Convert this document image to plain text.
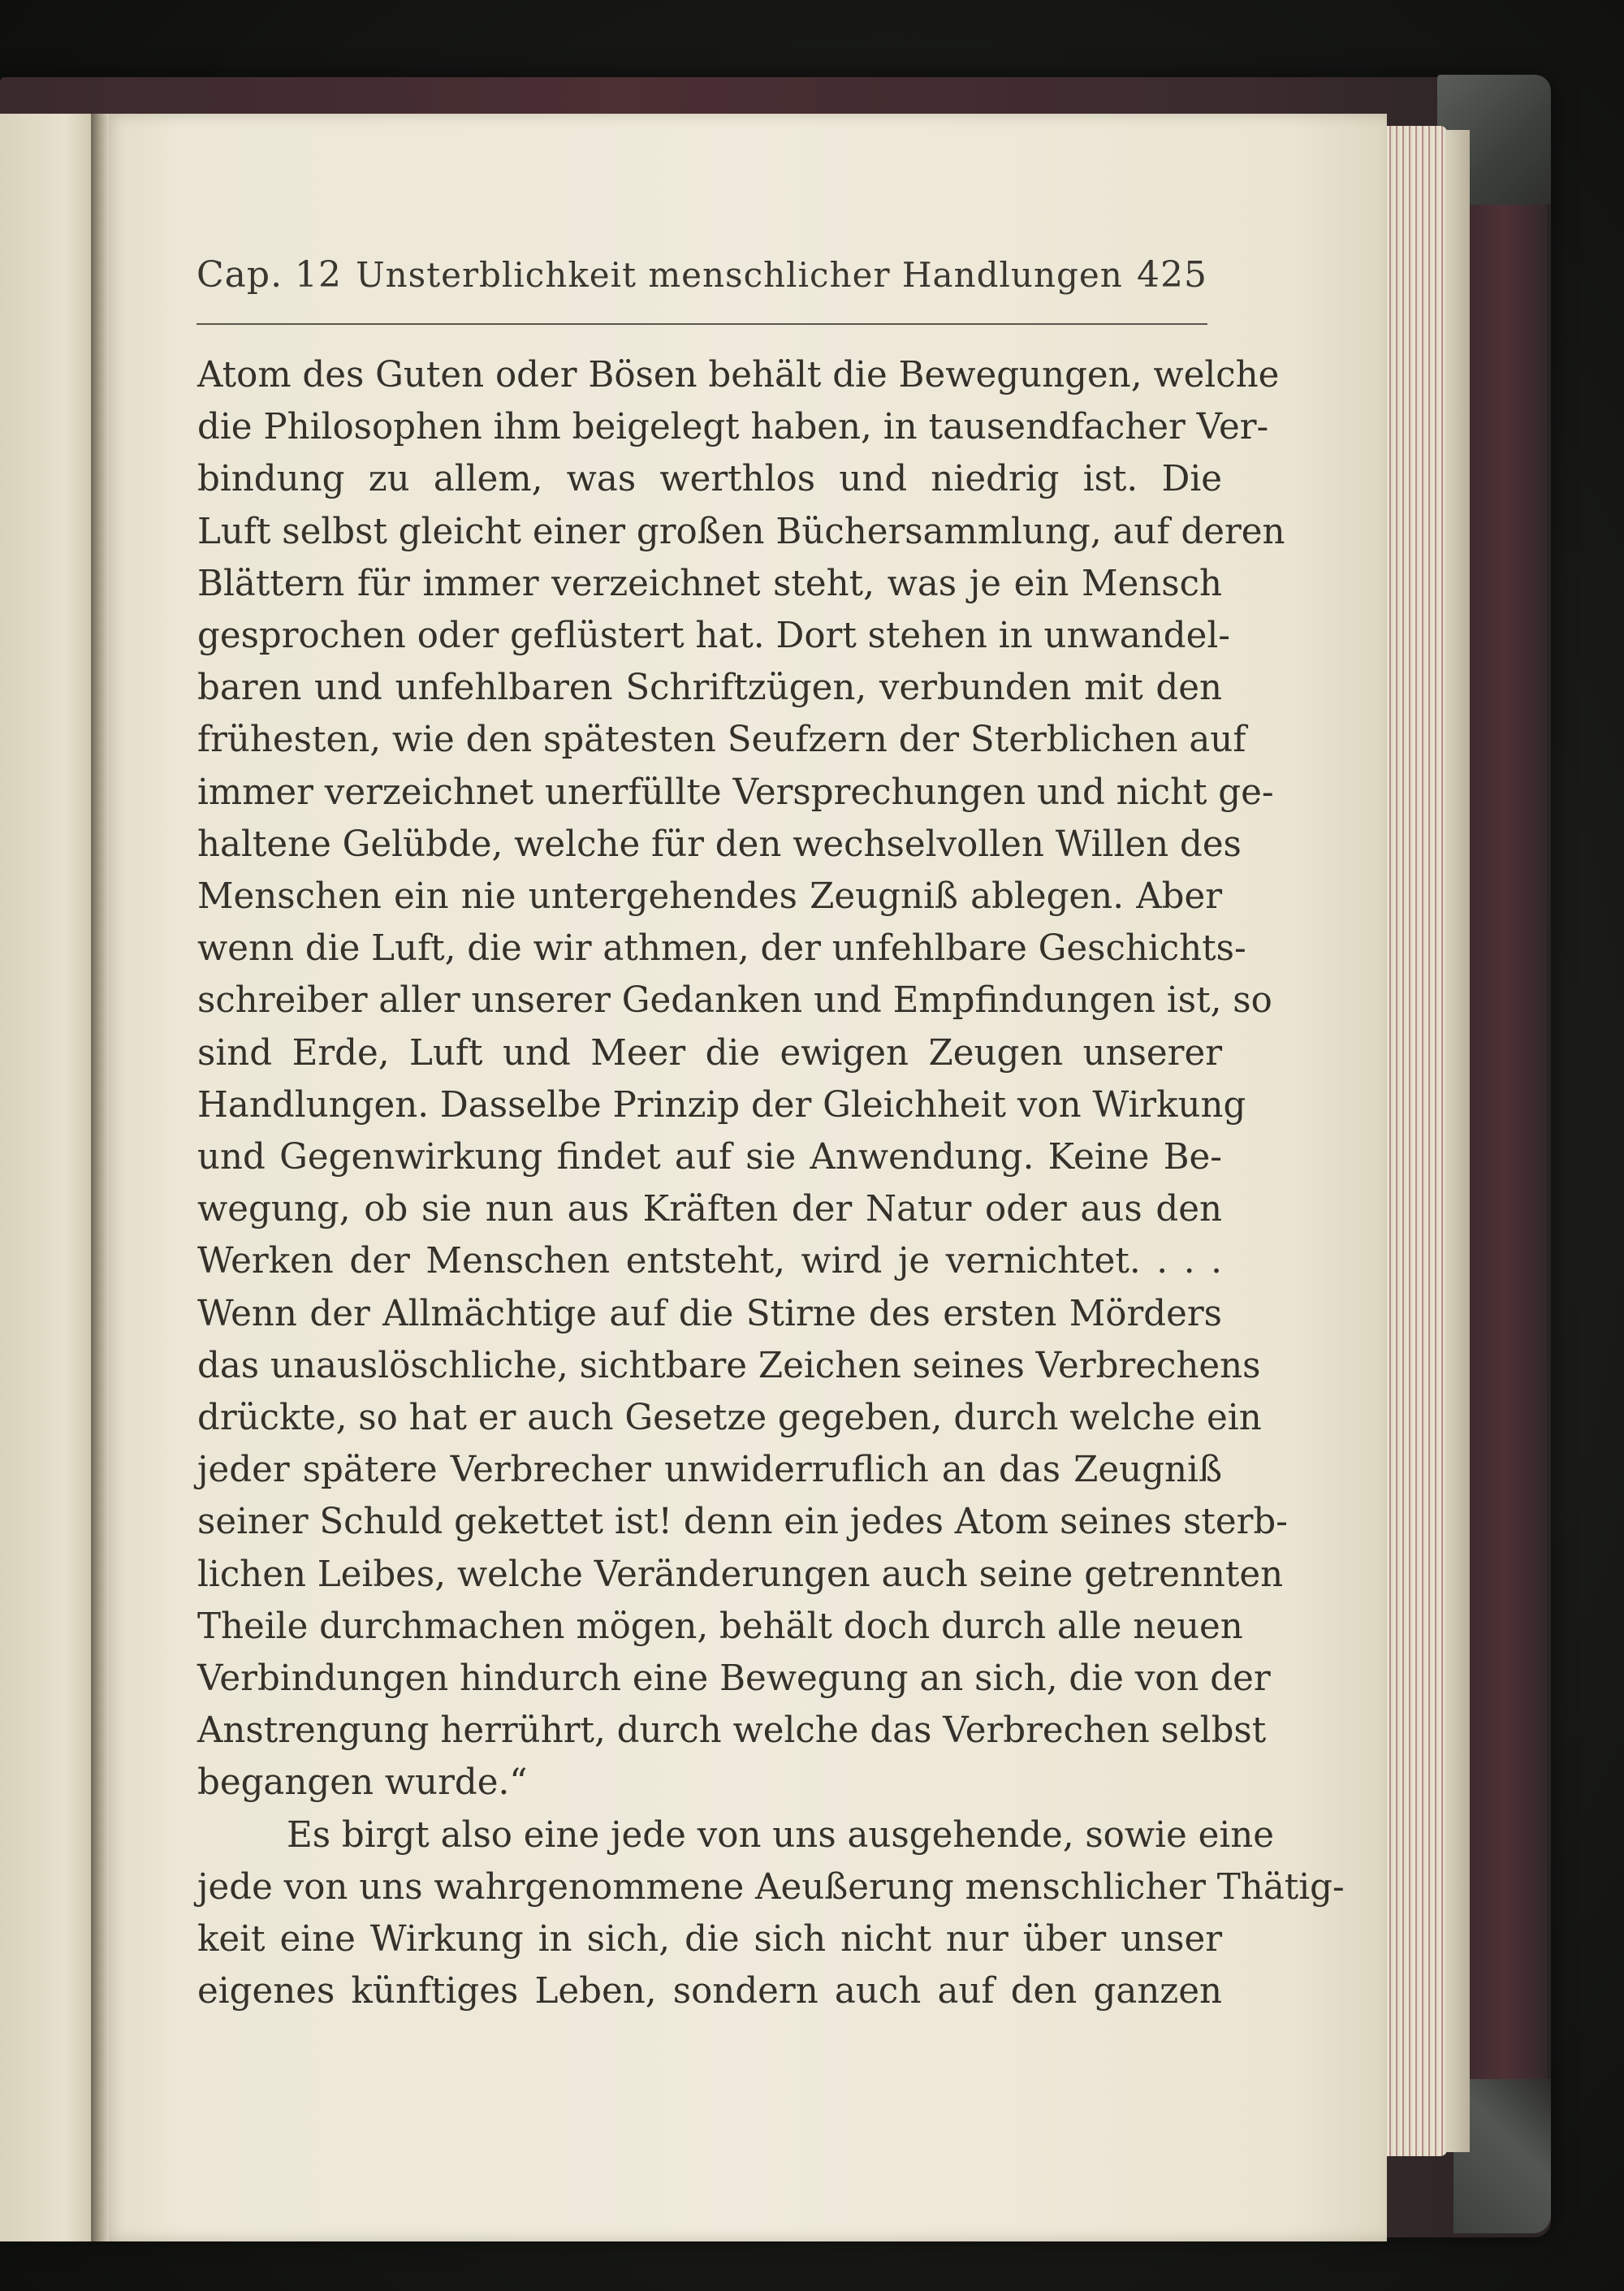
Cap. 12 Unsterblichkeit menschlicher Handlungen 425

Atom des Guten oder Bösen behält die Bewegungen, welche
die Philosophen ihm beigelegt haben, in tausendfacher Ver-
bindung zu allem, was werthlos und niedrig ist. Die
Luft selbst gleicht einer großen Büchersammlung, auf deren
Blättern für immer verzeichnet steht, was je ein Mensch
gesprochen oder geflüstert hat. Dort stehen in unwandel-
baren und unfehlbaren Schriftzügen, verbunden mit den
frühesten, wie den spätesten Seufzern der Sterblichen auf
immer verzeichnet unerfüllte Versprechungen und nicht ge-
haltene Gelübde, welche für den wechselvollen Willen des
Menschen ein nie untergehendes Zeugniß ablegen. Aber
wenn die Luft, die wir athmen, der unfehlbare Geschichts-
schreiber aller unserer Gedanken und Empfindungen ist, so
sind Erde, Luft und Meer die ewigen Zeugen unserer
Handlungen. Dasselbe Prinzip der Gleichheit von Wirkung
und Gegenwirkung findet auf sie Anwendung. Keine Be-
wegung, ob sie nun aus Kräften der Natur oder aus den
Werken der Menschen entsteht, wird je vernichtet. . . .
Wenn der Allmächtige auf die Stirne des ersten Mörders
das unauslöschliche, sichtbare Zeichen seines Verbrechens
drückte, so hat er auch Gesetze gegeben, durch welche ein
jeder spätere Verbrecher unwiderruflich an das Zeugniß
seiner Schuld gekettet ist! denn ein jedes Atom seines sterb-
lichen Leibes, welche Veränderungen auch seine getrennten
Theile durchmachen mögen, behält doch durch alle neuen
Verbindungen hindurch eine Bewegung an sich, die von der
Anstrengung herrührt, durch welche das Verbrechen selbst
begangen wurde.“

Es birgt also eine jede von uns ausgehende, sowie eine
jede von uns wahrgenommene Aeußerung menschlicher Thätig-
keit eine Wirkung in sich, die sich nicht nur über unser
eigenes künftiges Leben, sondern auch auf den ganzen
